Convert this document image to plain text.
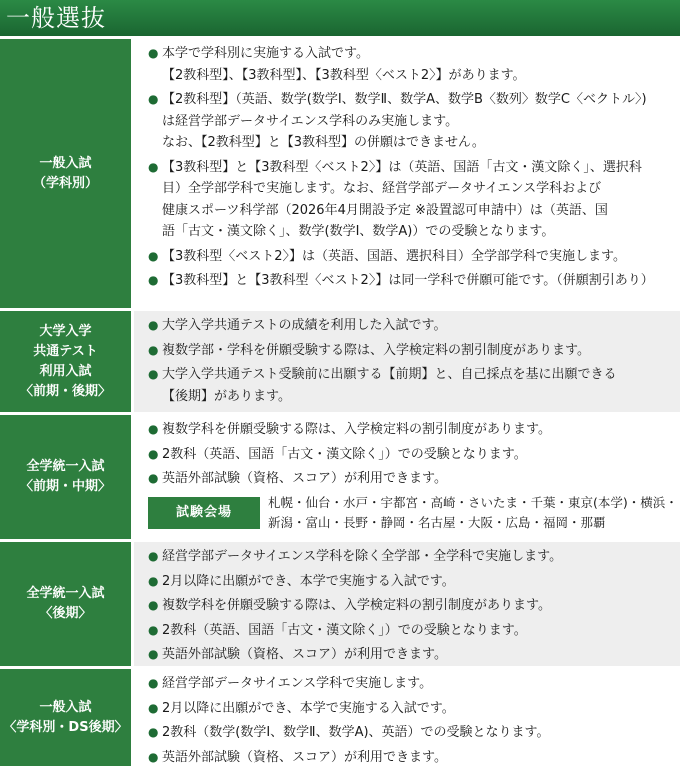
一般選抜
一般入試
（学科別）
● 本学で学科別に実施する入試です。
【2教科型】、【3教科型】、【3教科型〈ベスト2〉】があります。
● 【2教科型】（英語、数学(数学Ⅰ、数学Ⅱ、数学A、数学B〈数列〉数学C〈ベクトル〉)
は経営学部データサイエンス学科のみ実施します。
なお、【2教科型】と【3教科型】の併願はできません。
● 【3教科型】と【3教科型〈ベスト2〉】は（英語、国語「古文・漢文除く」、選択科
目）全学部学科で実施します。なお、経営学部データサイエンス学科および
健康スポーツ科学部（2026年4月開設予定 ※設置認可申請中）は（英語、国
語「古文・漢文除く」、数学(数学Ⅰ、数学A)）での受験となります。
● 【3教科型〈ベスト2〉】は（英語、国語、選択科目）全学部学科で実施します。
● 【3教科型】と【3教科型〈ベスト2〉】は同一学科で併願可能です。（併願割引あり）
大学入学
共通テスト
利用入試
〈前期・後期〉
● 大学入学共通テストの成績を利用した入試です。
● 複数学部・学科を併願受験する際は、入学検定料の割引制度があります。
● 大学入学共通テスト受験前に出願する【前期】と、自己採点を基に出願できる
【後期】があります。
全学統一入試
〈前期・中期〉
● 複数学科を併願受験する際は、入学検定料の割引制度があります。
● 2教科（英語、国語「古文・漢文除く」）での受験となります。
● 英語外部試験（資格、スコア）が利用できます。
試験会場
札幌・仙台・水戸・宇都宮・高崎・さいたま・千葉・東京(本学)・横浜・
新潟・富山・長野・静岡・名古屋・大阪・広島・福岡・那覇
全学統一入試
〈後期〉
● 経営学部データサイエンス学科を除く全学部・全学科で実施します。
● 2月以降に出願ができ、本学で実施する入試です。
● 複数学科を併願受験する際は、入学検定料の割引制度があります。
● 2教科（英語、国語「古文・漢文除く」）での受験となります。
● 英語外部試験（資格、スコア）が利用できます。
一般入試
〈学科別・DS後期〉
● 経営学部データサイエンス学科で実施します。
● 2月以降に出願ができ、本学で実施する入試です。
● 2教科（数学(数学Ⅰ、数学Ⅱ、数学A)、英語）での受験となります。
● 英語外部試験（資格、スコア）が利用できます。
